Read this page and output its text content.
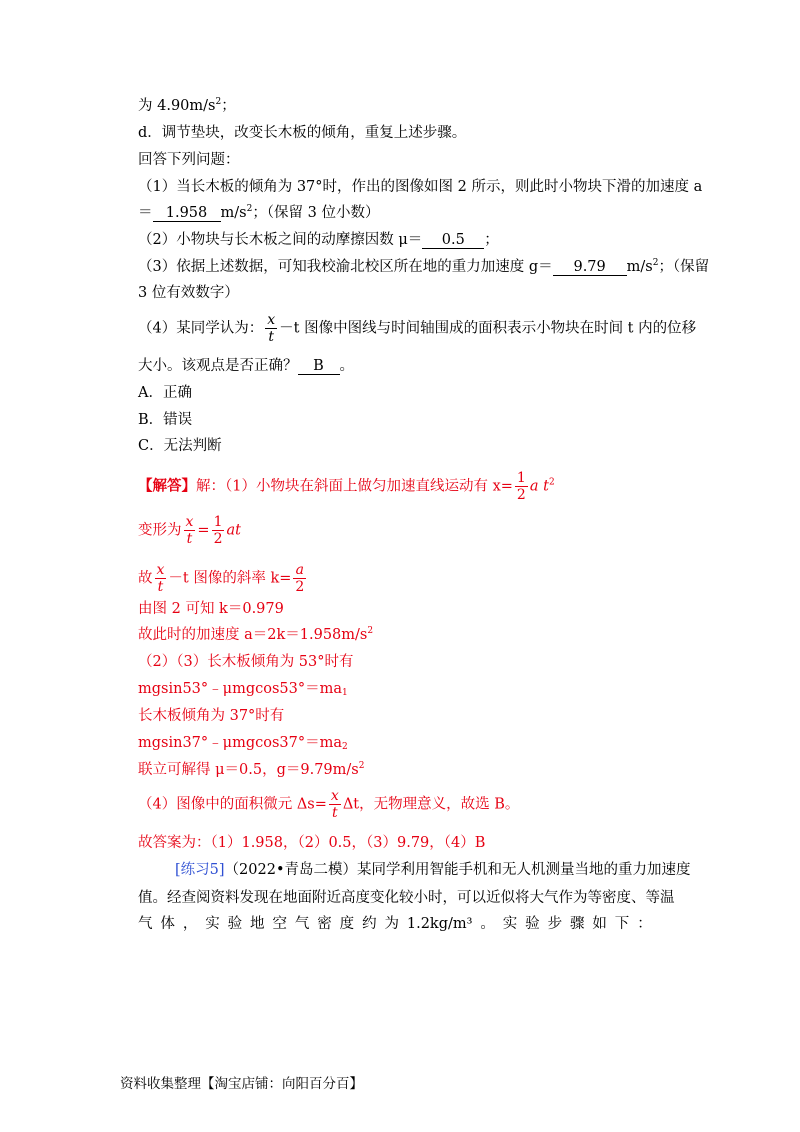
为 $4.90m/s^2$；
d．调节垫块，改变长木板的倾角，重复上述步骤。
回答下列问题：
（1）当长木板的倾角为 37°时，作出的图像如图 2 所示，则此时小物块下滑的加速度 a
＝ 1.958 $m/s^2$；（保留 3 位小数）
（2）小物块与长木板之间的动摩擦因数 μ＝ 0.5 ；
（3）依据上述数据，可知我校渝北校区所在地的重力加速度 g＝ 9.79 $m/s^2$；（保留
3 位有效数字）
（4）某同学认为： $\frac{x}{t} -t$ 图像中图线与时间轴围成的面积表示小物块在时间 t 内的位移
大小。该观点是否正确？ B 。
A．正确
B．错误
C．无法判断
【解答】解：（1）小物块在斜面上做匀加速直线运动有 $x= \frac{1}{2}$ a $t^2$
变形为 $\frac{x}{t} = \frac{1}{2}$ at
故 $\frac{x}{t} -t$ 图像的斜率 $k= \frac{a}{2}$
由图 2 可知 k＝0.979
故此时的加速度 $a=2k=1.958m/s^2$
（2）（3）长木板倾角为 53°时有
$mgsin53^\circ﹣\mu mgcos53^\circ=ma_1$
长木板倾角为 37°时有
$mgsin37^\circ﹣\mu mgcos37^\circ=ma_2$
联立可解得 μ＝0.5，$g=9.79m/s^2$
（4）图像中的面积微元 $\Delta s= \frac{x}{t}$ Δt，无物理意义，故选 B。
故答案为：（1）1.958，（2）0.5，（3）9.79，（4）B
[练习5]（2022•青岛二模）某同学利用智能手机和无人机测量当地的重力加速度
值。经查阅资料发现在地面附近高度变化较小时，可以近似将大气作为等密度、等温
气 体 ， 实 验 地 空 气 密 度 约 为 1.2kg/m³ 。 实 验 步 骤 如 下 ：
资料收集整理【淘宝店铺：向阳百分百】
